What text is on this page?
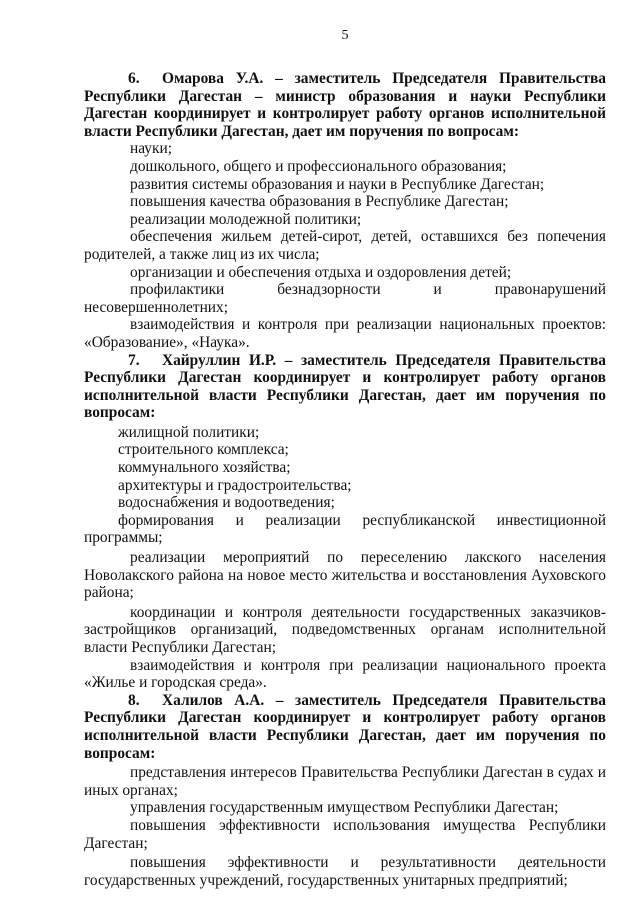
5

6. Омарова У.А. – заместитель Председателя Правительства Республики Дагестан – министр образования и науки Республики Дагестан координирует и контролирует работу органов исполнительной власти Республики Дагестан, дает им поручения по вопросам:

науки;

дошкольного, общего и профессионального образования;

развития системы образования и науки в Республике Дагестан;

повышения качества образования в Республике Дагестан;

реализации молодежной политики;

обеспечения жильем детей-сирот, детей, оставшихся без попечения родителей, а также лиц из их числа;

организации и обеспечения отдыха и оздоровления детей;

профилактики безнадзорности и правонарушений несовершеннолетних;

взаимодействия и контроля при реализации национальных проектов: «Образование», «Наука».

7. Хайруллин И.Р. – заместитель Председателя Правительства Республики Дагестан координирует и контролирует работу органов исполнительной власти Республики Дагестан, дает им поручения по вопросам:

жилищной политики;

строительного комплекса;

коммунального хозяйства;

архитектуры и градостроительства;

водоснабжения и водоотведения;

формирования и реализации республиканской инвестиционной программы;

реализации мероприятий по переселению лакского населения Новолакского района на новое место жительства и восстановления Ауховского района;

координации и контроля деятельности государственных заказчиков-застройщиков организаций, подведомственных органам исполнительной власти Республики Дагестан;

взаимодействия и контроля при реализации национального проекта «Жилье и городская среда».

8. Халилов А.А. – заместитель Председателя Правительства Республики Дагестан координирует и контролирует работу органов исполнительной власти Республики Дагестан, дает им поручения по вопросам:

представления интересов Правительства Республики Дагестан в судах и иных органах;

управления государственным имуществом Республики Дагестан;

повышения эффективности использования имущества Республики Дагестан;

повышения эффективности и результативности деятельности государственных учреждений, государственных унитарных предприятий;
